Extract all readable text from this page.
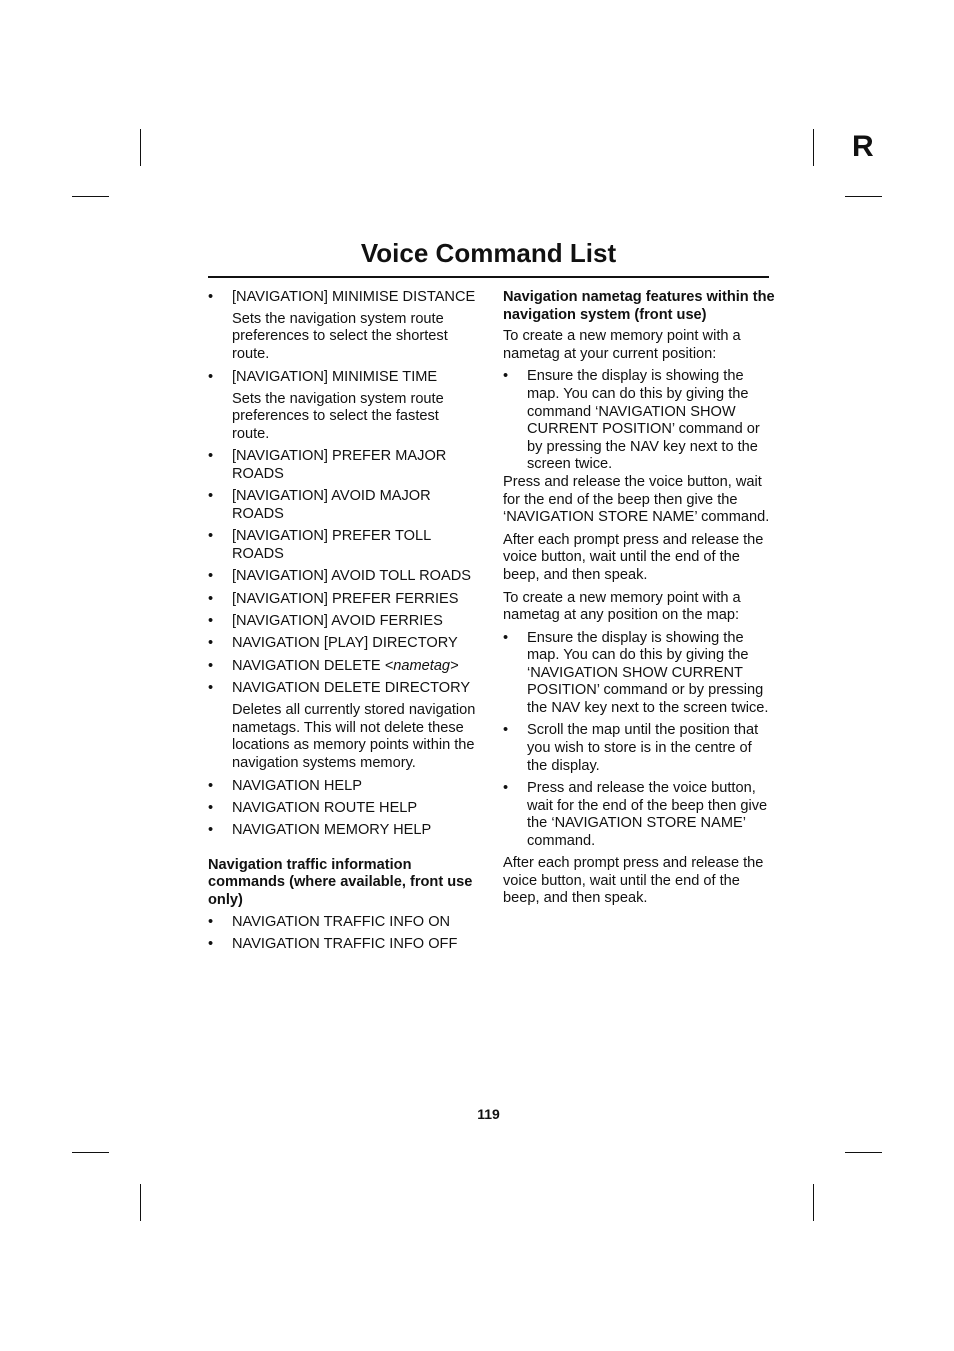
R
Voice Command List
• [NAVIGATION] MINIMISE DISTANCE
Sets the navigation system route preferences to select the shortest route.
• [NAVIGATION] MINIMISE TIME
Sets the navigation system route preferences to select the fastest route.
• [NAVIGATION] PREFER MAJOR ROADS
• [NAVIGATION] AVOID MAJOR ROADS
• [NAVIGATION] PREFER TOLL ROADS
• [NAVIGATION] AVOID TOLL ROADS
• [NAVIGATION] PREFER FERRIES
• [NAVIGATION] AVOID FERRIES
• NAVIGATION [PLAY] DIRECTORY
• NAVIGATION DELETE <nametag>
• NAVIGATION DELETE DIRECTORY
Deletes all currently stored navigation nametags. This will not delete these locations as memory points within the navigation systems memory.
• NAVIGATION HELP
• NAVIGATION ROUTE HELP
• NAVIGATION MEMORY HELP
Navigation traffic information commands (where available, front use only)
• NAVIGATION TRAFFIC INFO ON
• NAVIGATION TRAFFIC INFO OFF
Navigation nametag features within the navigation system (front use)
To create a new memory point with a nametag at your current position:
• Ensure the display is showing the map. You can do this by giving the command ‘NAVIGATION SHOW CURRENT POSITION’ command or by pressing the NAV key next to the screen twice.
Press and release the voice button, wait for the end of the beep then give the ‘NAVIGATION STORE NAME’ command.
After each prompt press and release the voice button, wait until the end of the beep, and then speak.
To create a new memory point with a nametag at any position on the map:
• Ensure the display is showing the map. You can do this by giving the ‘NAVIGATION SHOW CURRENT POSITION’ command or by pressing the NAV key next to the screen twice.
• Scroll the map until the position that you wish to store is in the centre of the display.
• Press and release the voice button, wait for the end of the beep then give the ‘NAVIGATION STORE NAME’ command.
After each prompt press and release the voice button, wait until the end of the beep, and then speak.
119
